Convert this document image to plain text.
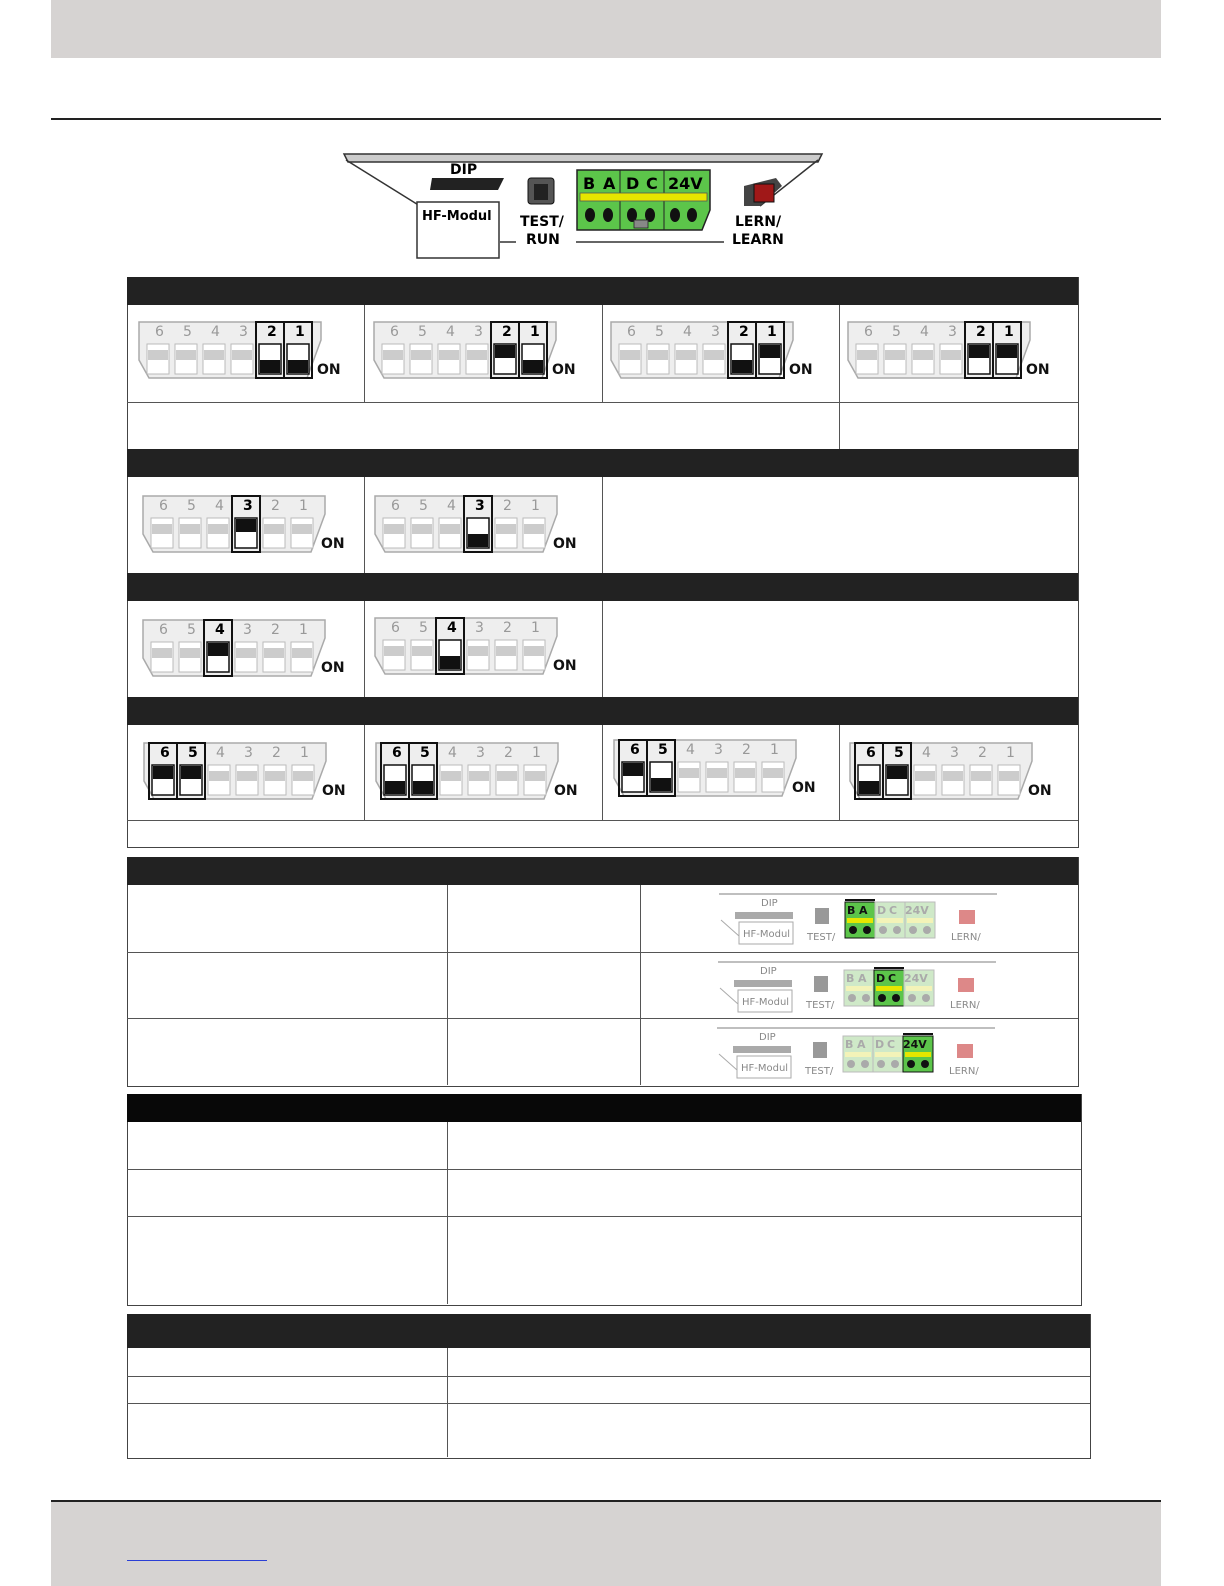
DIP
HF-Modul TEST/
RUN
B A D C 24V
LERN/
LEARN
6 5 4 3 2 1
ON
6 5 4 3 2 1
ON
6 5 4 3 2 1
ON
6 5 4 3 2 1
ON
6 5 4 3 2 1
ON
6 5 4 3 2 1
ON
6 5 4 3 2 1
ON
6 5 4 3 2 1
ON
6 5 4 3 2 1
ON
6 5 4 3 2 1
ON
6 5 4 3 2 1
ON
6 5 4 3 2 1
ON
DIP
HF-Modul TEST/
B A D C 24V
LERN/
DIP
HF-Modul TEST/
B A D C 24V
LERN/
DIP
HF-Modul TEST/
B A D C 24V
LERN/
